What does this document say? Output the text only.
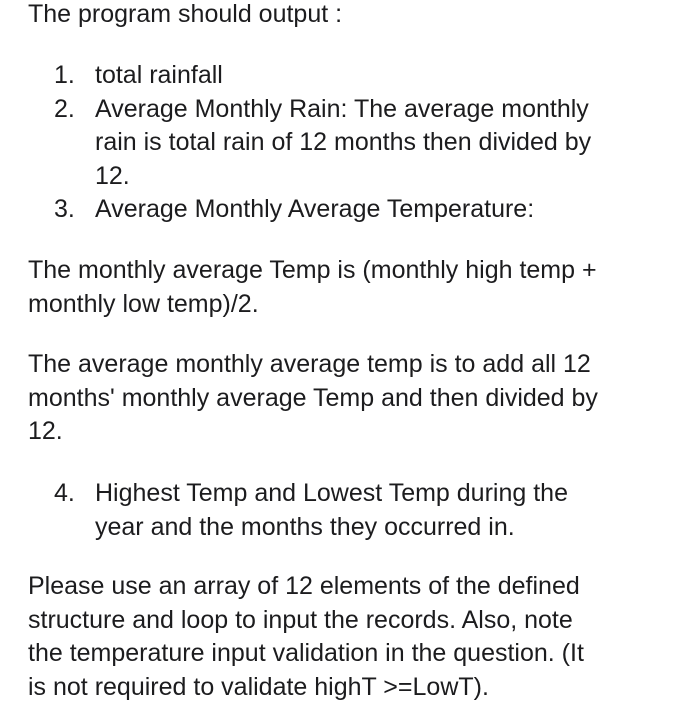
The program should output :
1. total rainfall
2. Average Monthly Rain: The average monthly
rain is total rain of 12 months then divided by
12.
3. Average Monthly Average Temperature:
The monthly average Temp is (monthly high temp +
monthly low temp)/2.
The average monthly average temp is to add all 12
months' monthly average Temp and then divided by
12.
4. Highest Temp and Lowest Temp during the
year and the months they occurred in.
Please use an array of 12 elements of the defined
structure and loop to input the records. Also, note
the temperature input validation in the question. (It
is not required to validate highT >=LowT).
